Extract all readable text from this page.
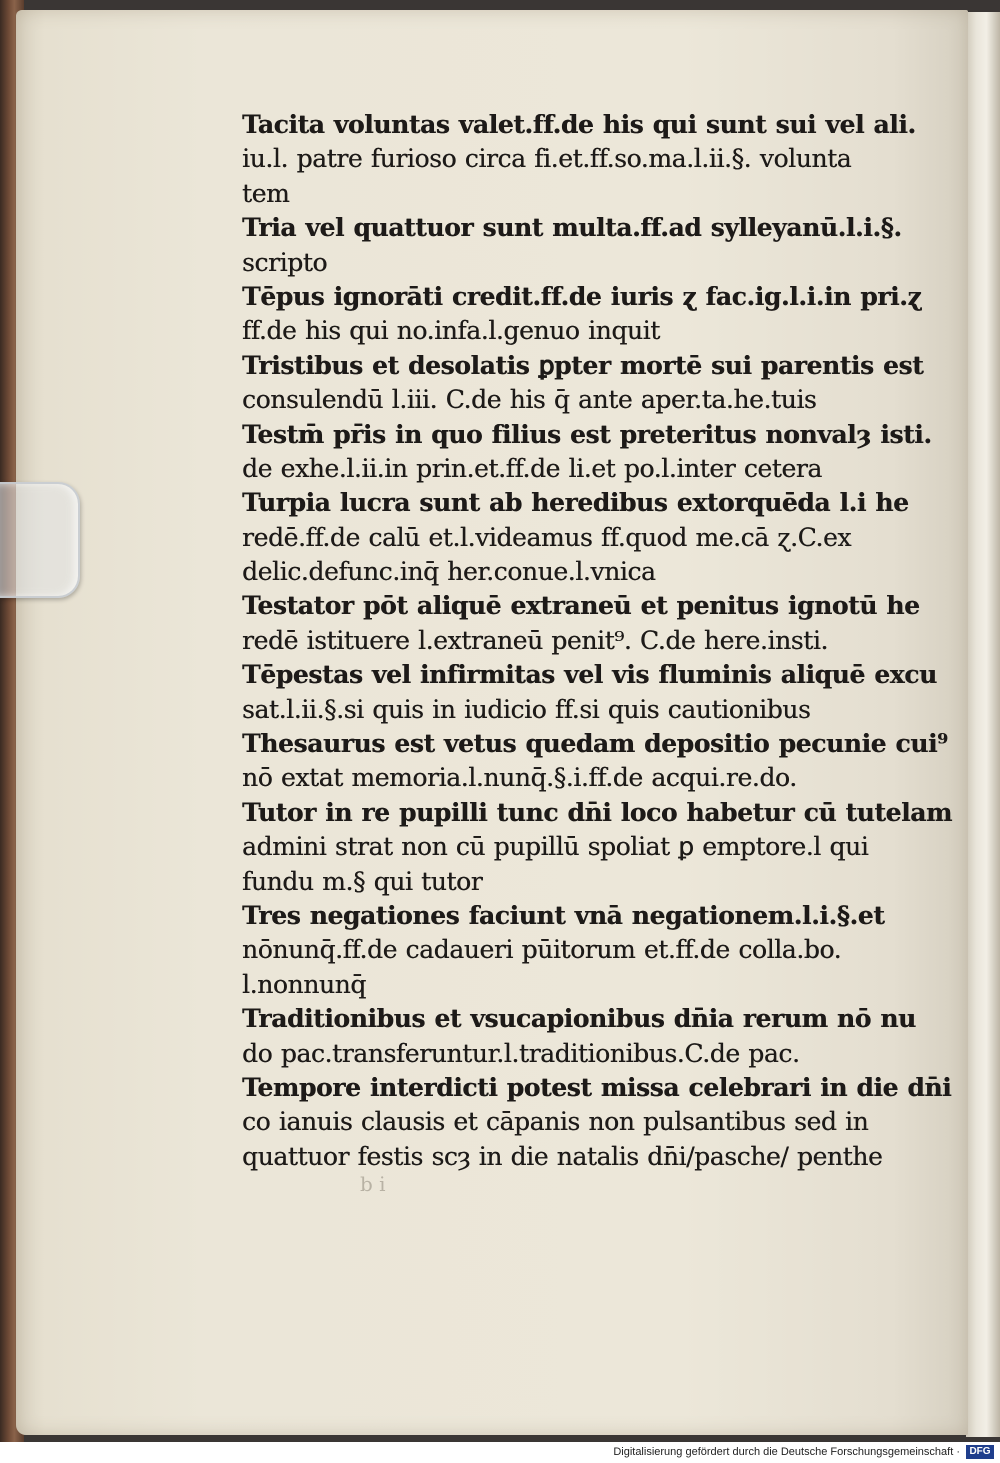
Tacita voluntas valet.ff.de his qui sunt sui vel ali.
iu.l. patre furioso circa fi.et.ff.so.ma.l.ii.§. volunta
tem
Tria vel quattuor sunt multa.ff.ad sylleyanū.l.i.§.
scripto
Tēpus ignorāti credit.ff.de iuris ɀ fac.ig.l.i.in pri.ɀ
ff.de his qui no.infa.l.genuo inquit
Tristibus et desolatis ꝑpter mortē sui parentis est
consulendū l.iii. C.de his q̄ ante aper.ta.he.tuis
Testm̄ pr̄is in quo filius est preteritus nonvalȝ isti.
de exhe.l.ii.in prin.et.ff.de li.et po.l.inter cetera
Turpia lucra sunt ab heredibus extorquēda l.i he
redē.ff.de calū et.l.videamus ff.quod me.cā ɀ.C.ex
delic.defunc.inq̄ her.conue.l.vnica
Testator pōt aliquē extraneū et penitus ignotū he
redē istituere l.extraneū penit⁹. C.de here.insti.
Tēpestas vel infirmitas vel vis fluminis aliquē excu
sat.l.ii.§.si quis in iudicio ff.si quis cautionibus
Thesaurus est vetus quedam depositio pecunie cui⁹
nō extat memoria.l.nunq̄.§.i.ff.de acqui.re.do.
Tutor in re pupilli tunc dn̄i loco habetur cū tutelam
admini strat non cū pupillū spoliat ꝑ emptore.l qui
fundu m.§ qui tutor
Tres negationes faciunt vnā negationem.l.i.§.et
nōnunq̄.ff.de cadaueri pūitorum et.ff.de colla.bo.
l.nonnunq̄
Traditionibus et vsucapionibus dn̄ia rerum nō nu
do pac.transferuntur.l.traditionibus.C.de pac.
Tempore interdicti potest missa celebrari in die dn̄i
co ianuis clausis et cāpanis non pulsantibus sed in
quattuor festis scȝ in die natalis dn̄i/pasche/ penthe
b i
Digitalisierung gefördert durch die Deutsche Forschungsgemeinschaft · DFG
